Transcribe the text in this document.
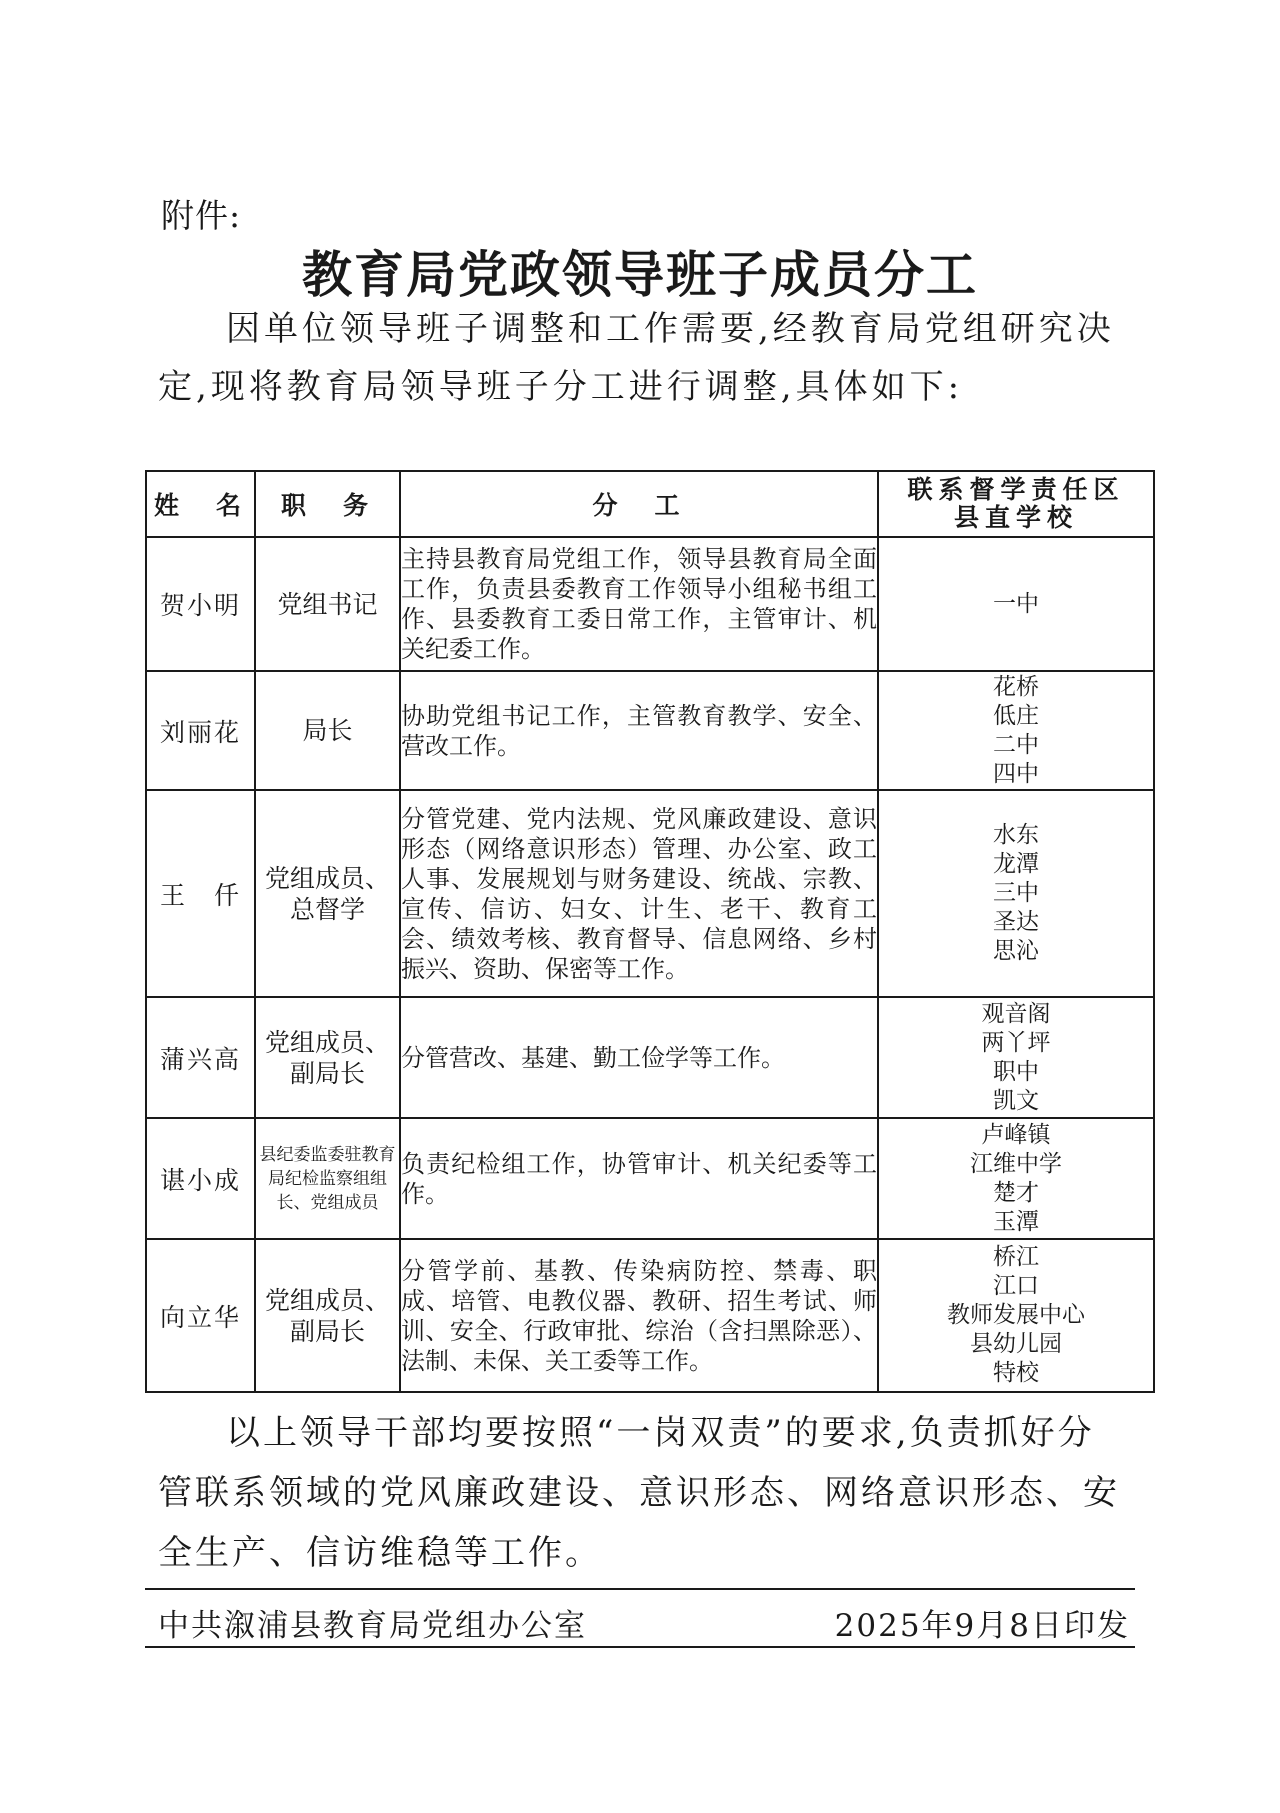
附件:
教育局党政领导班子成员分工
因单位领导班子调整和工作需要,经教育局党组研究决定,现将教育局领导班子分工进行调整,具体如下:
姓　名	职　务	分　工	联系督学责任区
县直学校

贺小明	党组书记	主持县教育局党组工作，领导县教育局全面工作，负责县委教育工作领导小组秘书组工作、县委教育工委日常工作，主管审计、机关纪委工作。	一中

刘丽花	局长	协助党组书记工作，主管教育教学、安全、营改工作。	花桥
低庄
二中
四中

王　仟	党组成员、总督学	分管党建、党内法规、党风廉政建设、意识形态（网络意识形态）管理、办公室、政工人事、发展规划与财务建设、统战、宗教、宣传、信访、妇女、计生、老干、教育工会、绩效考核、教育督导、信息网络、乡村振兴、资助、保密等工作。	水东
龙潭
三中
圣达
思沁

蒲兴高	党组成员、副局长	分管营改、基建、勤工俭学等工作。	观音阁
两丫坪
职中
凯文

谌小成	县纪委监委驻教育局纪检监察组组长、党组成员	负责纪检组工作，协管审计、机关纪委等工作。	卢峰镇
江维中学
楚才
玉潭

向立华	党组成员、副局长	分管学前、基教、传染病防控、禁毒、职成、培管、电教仪器、教研、招生考试、师训、安全、行政审批、综治（含扫黑除恶）、法制、未保、关工委等工作。	桥江
江口
教师发展中心
县幼儿园
特校
以上领导干部均要按照“一岗双责”的要求,负责抓好分管联系领域的党风廉政建设、意识形态、网络意识形态、安全生产、信访维稳等工作。
中共溆浦县教育局党组办公室	2025年9月8日印发
